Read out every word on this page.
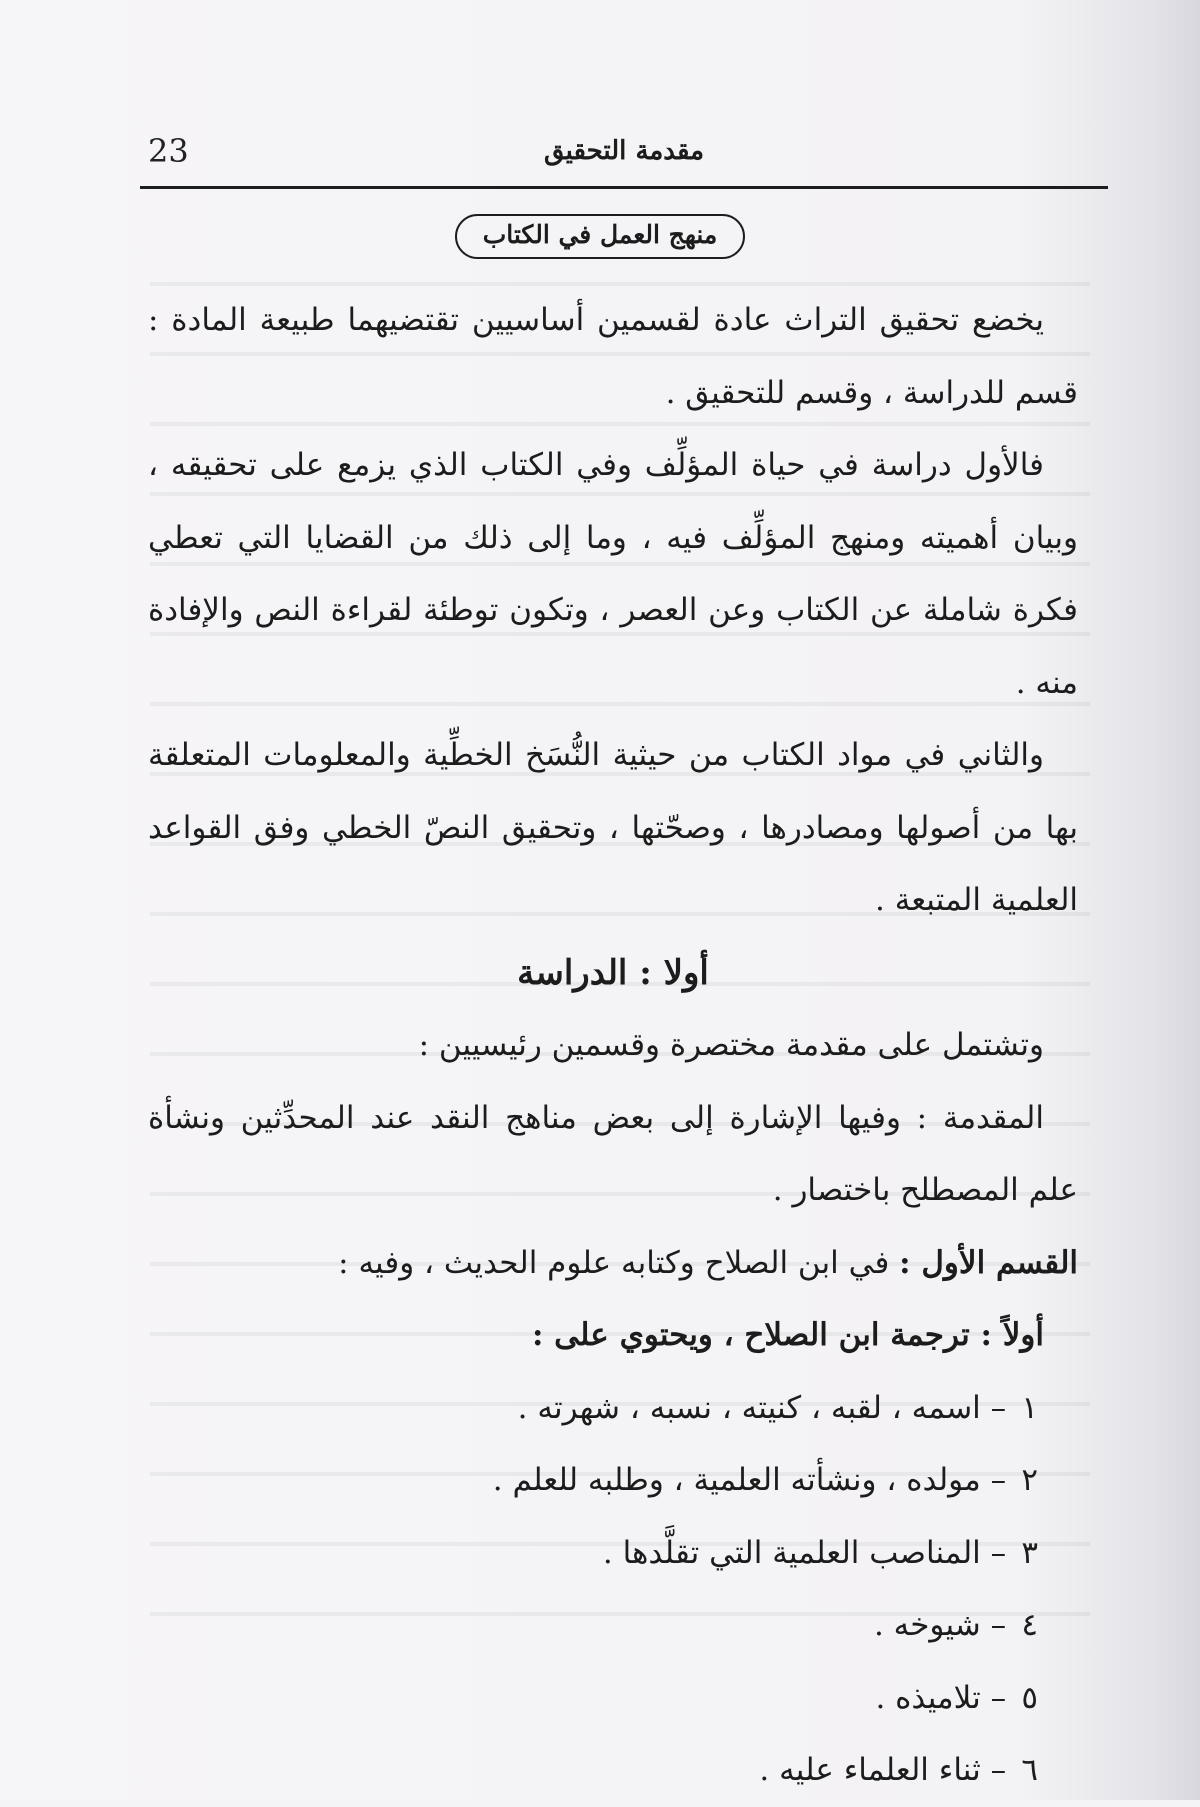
23	مقدمة التحقيق
منهج العمل في الكتاب

يخضع تحقيق التراث عادة لقسمين أساسيين تقتضيهما طبيعة المادة : قسم للدراسة ، وقسم للتحقيق .

فالأول دراسة في حياة المؤلِّف وفي الكتاب الذي يزمع على تحقيقه ، وبيان أهميته ومنهج المؤلِّف فيه ، وما إلى ذلك من القضايا التي تعطي فكرة شاملة عن الكتاب وعن العصر ، وتكون توطئة لقراءة النص والإفادة منه .

والثاني في مواد الكتاب من حيثية النُّسَخ الخطِّية والمعلومات المتعلقة بها من أصولها ومصادرها ، وصحّتها ، وتحقيق النصّ الخطي وفق القواعد العلمية المتبعة .

أولا : الدراسة

وتشتمل على مقدمة مختصرة وقسمين رئيسيين :

المقدمة : وفيها الإشارة إلى بعض مناهج النقد عند المحدِّثين ونشأة علم المصطلح باختصار .

القسم الأول : في ابن الصلاح وكتابه علوم الحديث ، وفيه :

أولاً : ترجمة ابن الصلاح ، ويحتوي على :

١ – اسمه ، لقبه ، كنيته ، نسبه ، شهرته .
٢ – مولده ، ونشأته العلمية ، وطلبه للعلم .
٣ – المناصب العلمية التي تقلَّدها .
٤ – شيوخه .
٥ – تلاميذه .
٦ – ثناء العلماء عليه .
